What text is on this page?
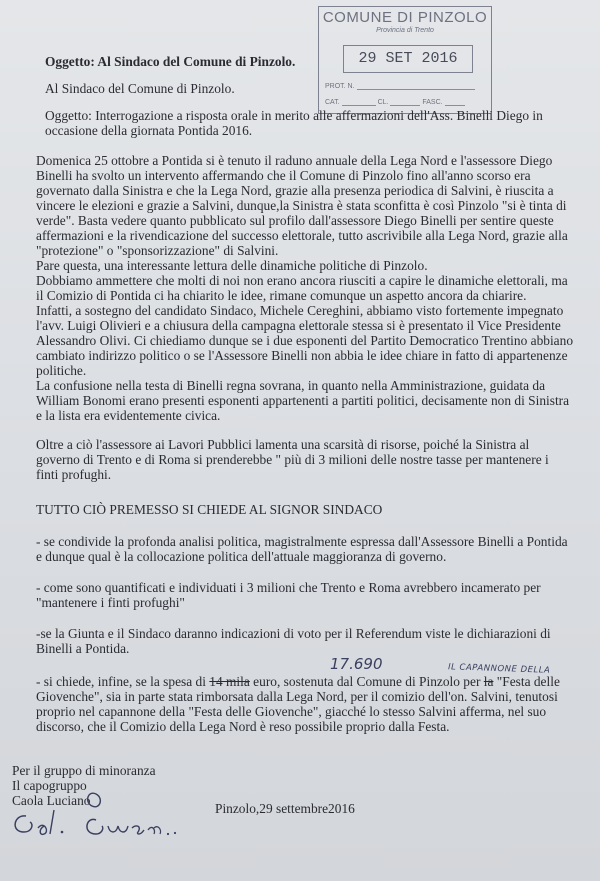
COMUNE DI PINZOLO
Provincia di Trento
29 SET 2016
PROT. N.
CAT.	CL.	FASC.
Oggetto: Al Sindaco del Comune di Pinzolo.
Al Sindaco del Comune di Pinzolo.
Oggetto: Interrogazione a risposta orale in merito alle affermazioni dell'Ass. Binelli Diego in
occasione della giornata Pontida 2016.
Domenica 25 ottobre a Pontida si è tenuto il raduno annuale della Lega Nord e l'assessore Diego
Binelli ha svolto un intervento affermando che il Comune di Pinzolo fino all'anno scorso era
governato dalla Sinistra e che la Lega Nord, grazie alla presenza periodica di Salvini, è riuscita a
vincere le elezioni e grazie a Salvini, dunque,la Sinistra è stata sconfitta è così Pinzolo "si è tinta di
verde". Basta vedere quanto pubblicato sul profilo dall'assessore Diego Binelli per sentire queste
affermazioni e la rivendicazione del successo elettorale, tutto ascrivibile alla Lega Nord, grazie alla
"protezione" o "sponsorizzazione" di Salvini.
Pare questa, una interessante lettura delle dinamiche politiche di Pinzolo.
Dobbiamo ammettere che molti di noi non erano ancora riusciti a capire le dinamiche elettorali, ma
il Comizio di Pontida ci ha chiarito le idee, rimane comunque un aspetto ancora da chiarire.
Infatti, a sostegno del candidato Sindaco, Michele Cereghini, abbiamo visto fortemente impegnato
l'avv. Luigi Olivieri e a chiusura della campagna elettorale stessa si è presentato il Vice Presidente
Alessandro Olivi. Ci chiediamo dunque se i due esponenti del Partito Democratico Trentino abbiano
cambiato indirizzo politico o se l'Assessore Binelli non abbia le idee chiare in fatto di appartenenze
politiche.
La confusione nella testa di Binelli regna sovrana, in quanto nella Amministrazione, guidata da
William Bonomi erano presenti esponenti appartenenti a partiti politici, decisamente non di Sinistra
e la lista era evidentemente civica.
Oltre a ciò l'assessore ai Lavori Pubblici lamenta una scarsità di risorse, poiché la Sinistra al
governo di Trento e di Roma si prenderebbe " più di 3 milioni delle nostre tasse per mantenere i
finti profughi.
TUTTO CIÒ PREMESSO SI CHIEDE AL SIGNOR SINDACO
- se condivide la profonda analisi politica, magistralmente espressa dall'Assessore Binelli a Pontida
e dunque qual è la collocazione politica dell'attuale maggioranza di governo.
- come sono quantificati e individuati i 3 milioni che Trento e Roma avrebbero incamerato per
"mantenere i finti profughi"
-se la Giunta e il Sindaco daranno indicazioni di voto per il Referendum viste le dichiarazioni di
Binelli a Pontida.
17.690	IL CAPANNONE DELLA
- si chiede, infine, se la spesa di 14 mila euro, sostenuta dal Comune di Pinzolo per la "Festa delle
Giovenche", sia in parte stata rimborsata dalla Lega Nord, per il comizio dell'on. Salvini, tenutosi
proprio nel capannone della "Festa delle Giovenche", giacché lo stesso Salvini afferma, nel suo
discorso, che il Comizio della Lega Nord è reso possibile proprio dalla Festa.
Per il gruppo di minoranza
Il capogruppo
Caola Luciano
Pinzolo,29 settembre2016
